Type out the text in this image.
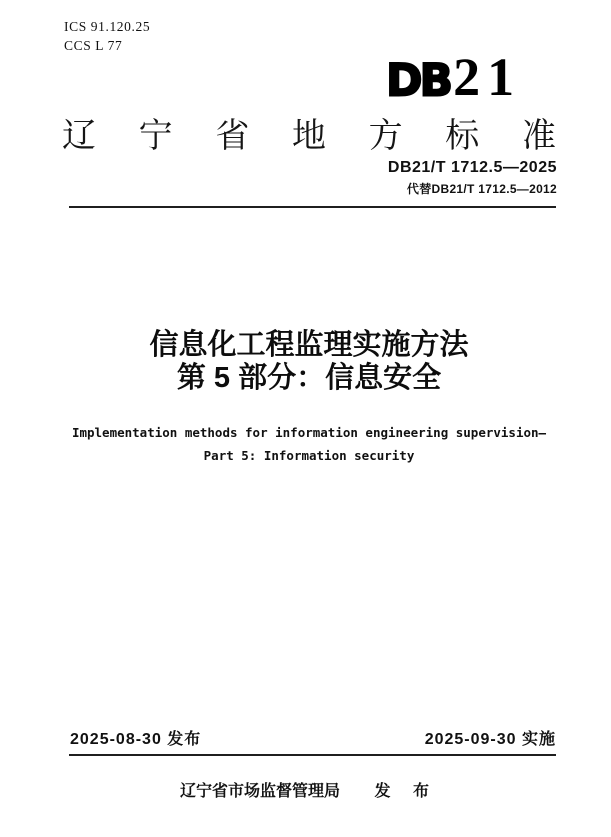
ICS 91.120.25
CCS L 77
DB 21
辽 宁 省 地 方 标 准
DB21/T 1712.5—2025
代替DB21/T 1712.5—2012
信息化工程监理实施方法
第 5 部分：信息安全
Implementation methods for information engineering supervision—
Part 5: Information security
2025-08-30 发布	2025-09-30 实施
辽宁省市场监督管理局 发 布
